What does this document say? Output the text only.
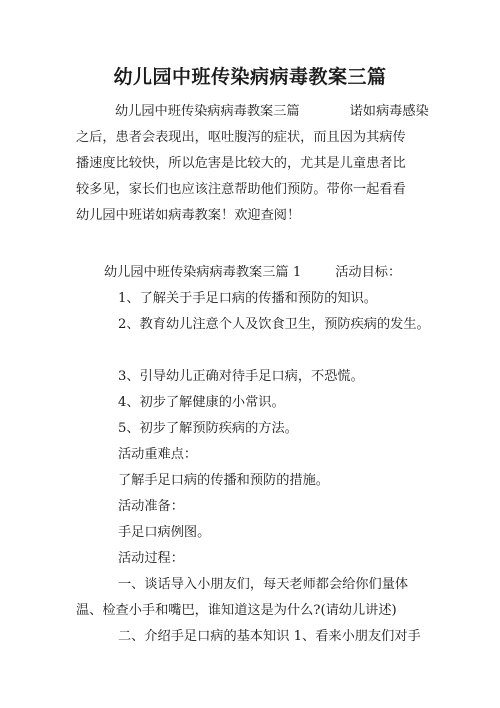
幼儿园中班传染病病毒教案三篇
幼儿园中班传染病病毒教案三篇	诺如病毒感染
之后，患者会表现出，呕吐腹泻的症状，而且因为其病传
播速度比较快，所以危害是比较大的，尤其是儿童患者比
较多见，家长们也应该注意帮助他们预防。带你一起看看
幼儿园中班诺如病毒教案！欢迎查阅！
幼儿园中班传染病病毒教案三篇 1	活动目标：
1、了解关于手足口病的传播和预防的知识。
2、教育幼儿注意个人及饮食卫生，预防疾病的发生。
3、引导幼儿正确对待手足口病，不恐慌。
4、初步了解健康的小常识。
5、初步了解预防疾病的方法。
活动重难点：
了解手足口病的传播和预防的措施。
活动准备：
手足口病例图。
活动过程：
一、谈话导入小朋友们，每天老师都会给你们量体
温、检查小手和嘴巴，谁知道这是为什么?(请幼儿讲述)
二、介绍手足口病的基本知识 1、看来小朋友们对手
